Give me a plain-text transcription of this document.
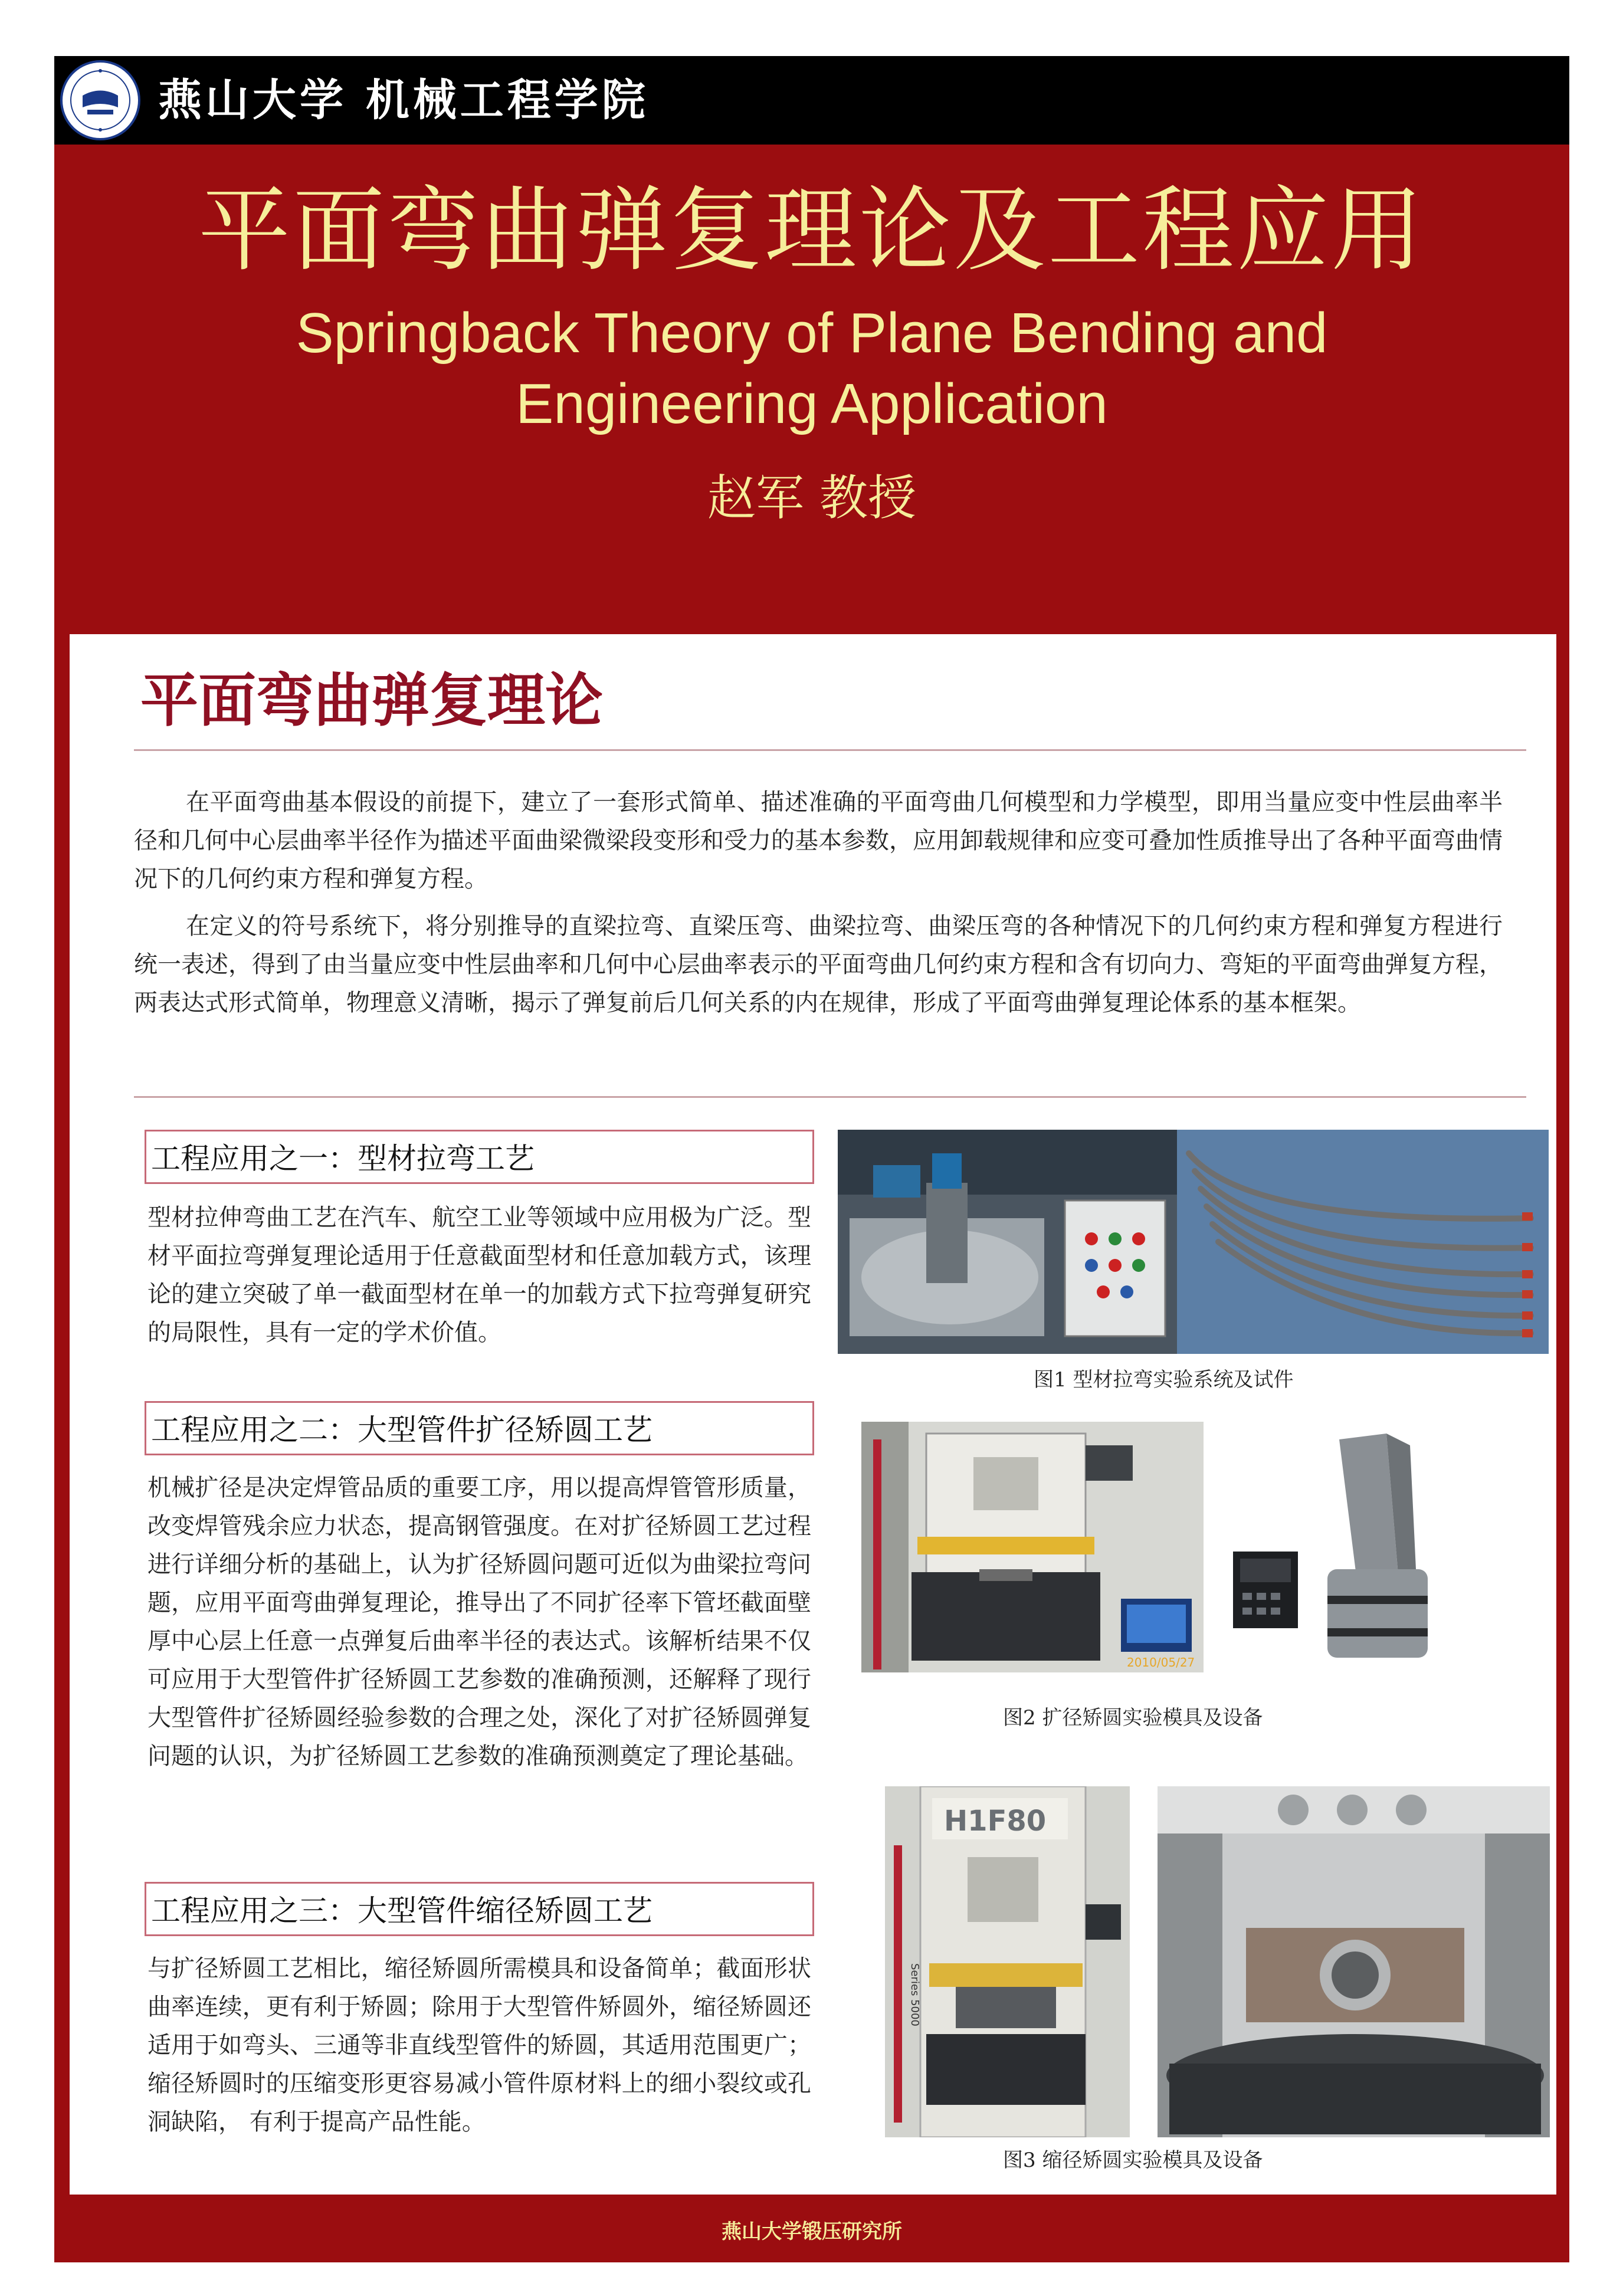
燕山大学 机械工程学院
平面弯曲弹复理论及工程应用
Springback Theory of Plane Bending and
Engineering Application
赵军 教授
平面弯曲弹复理论
在平面弯曲基本假设的前提下，建立了一套形式简单、描述准确的平面弯曲几何模型和力学模型，即用当量应变中性层曲率半径和几何中心层曲率半径作为描述平面曲梁微梁段变形和受力的基本参数，应用卸载规律和应变可叠加性质推导出了各种平面弯曲情况下的几何约束方程和弹复方程。
在定义的符号系统下，将分别推导的直梁拉弯、直梁压弯、曲梁拉弯、曲梁压弯的各种情况下的几何约束方程和弹复方程进行统一表述，得到了由当量应变中性层曲率和几何中心层曲率表示的平面弯曲几何约束方程和含有切向力、弯矩的平面弯曲弹复方程，两表达式形式简单，物理意义清晰，揭示了弹复前后几何关系的内在规律，形成了平面弯曲弹复理论体系的基本框架。
工程应用之一：型材拉弯工艺
型材拉伸弯曲工艺在汽车、航空工业等领域中应用极为广泛。型材平面拉弯弹复理论适用于任意截面型材和任意加载方式，该理论的建立突破了单一截面型材在单一的加载方式下拉弯弹复研究的局限性，具有一定的学术价值。
工程应用之二：大型管件扩径矫圆工艺
机械扩径是决定焊管品质的重要工序，用以提高焊管管形质量，改变焊管残余应力状态，提高钢管强度。在对扩径矫圆工艺过程进行详细分析的基础上，认为扩径矫圆问题可近似为曲梁拉弯问题，应用平面弯曲弹复理论，推导出了不同扩径率下管坯截面壁厚中心层上任意一点弹复后曲率半径的表达式。该解析结果不仅可应用于大型管件扩径矫圆工艺参数的准确预测，还解释了现行大型管件扩径矫圆经验参数的合理之处，深化了对扩径矫圆弹复问题的认识，为扩径矫圆工艺参数的准确预测奠定了理论基础。
工程应用之三：大型管件缩径矫圆工艺
与扩径矫圆工艺相比，缩径矫圆所需模具和设备简单；截面形状曲率连续，更有利于矫圆；除用于大型管件矫圆外，缩径矫圆还适用于如弯头、三通等非直线型管件的矫圆，其适用范围更广；缩径矫圆时的压缩变形更容易减小管件原材料上的细小裂纹或孔洞缺陷， 有利于提高产品性能。
图1 型材拉弯实验系统及试件
2010/05/27
图2 扩径矫圆实验模具及设备
H1F80
Series 5000
图3 缩径矫圆实验模具及设备
燕山大学锻压研究所
